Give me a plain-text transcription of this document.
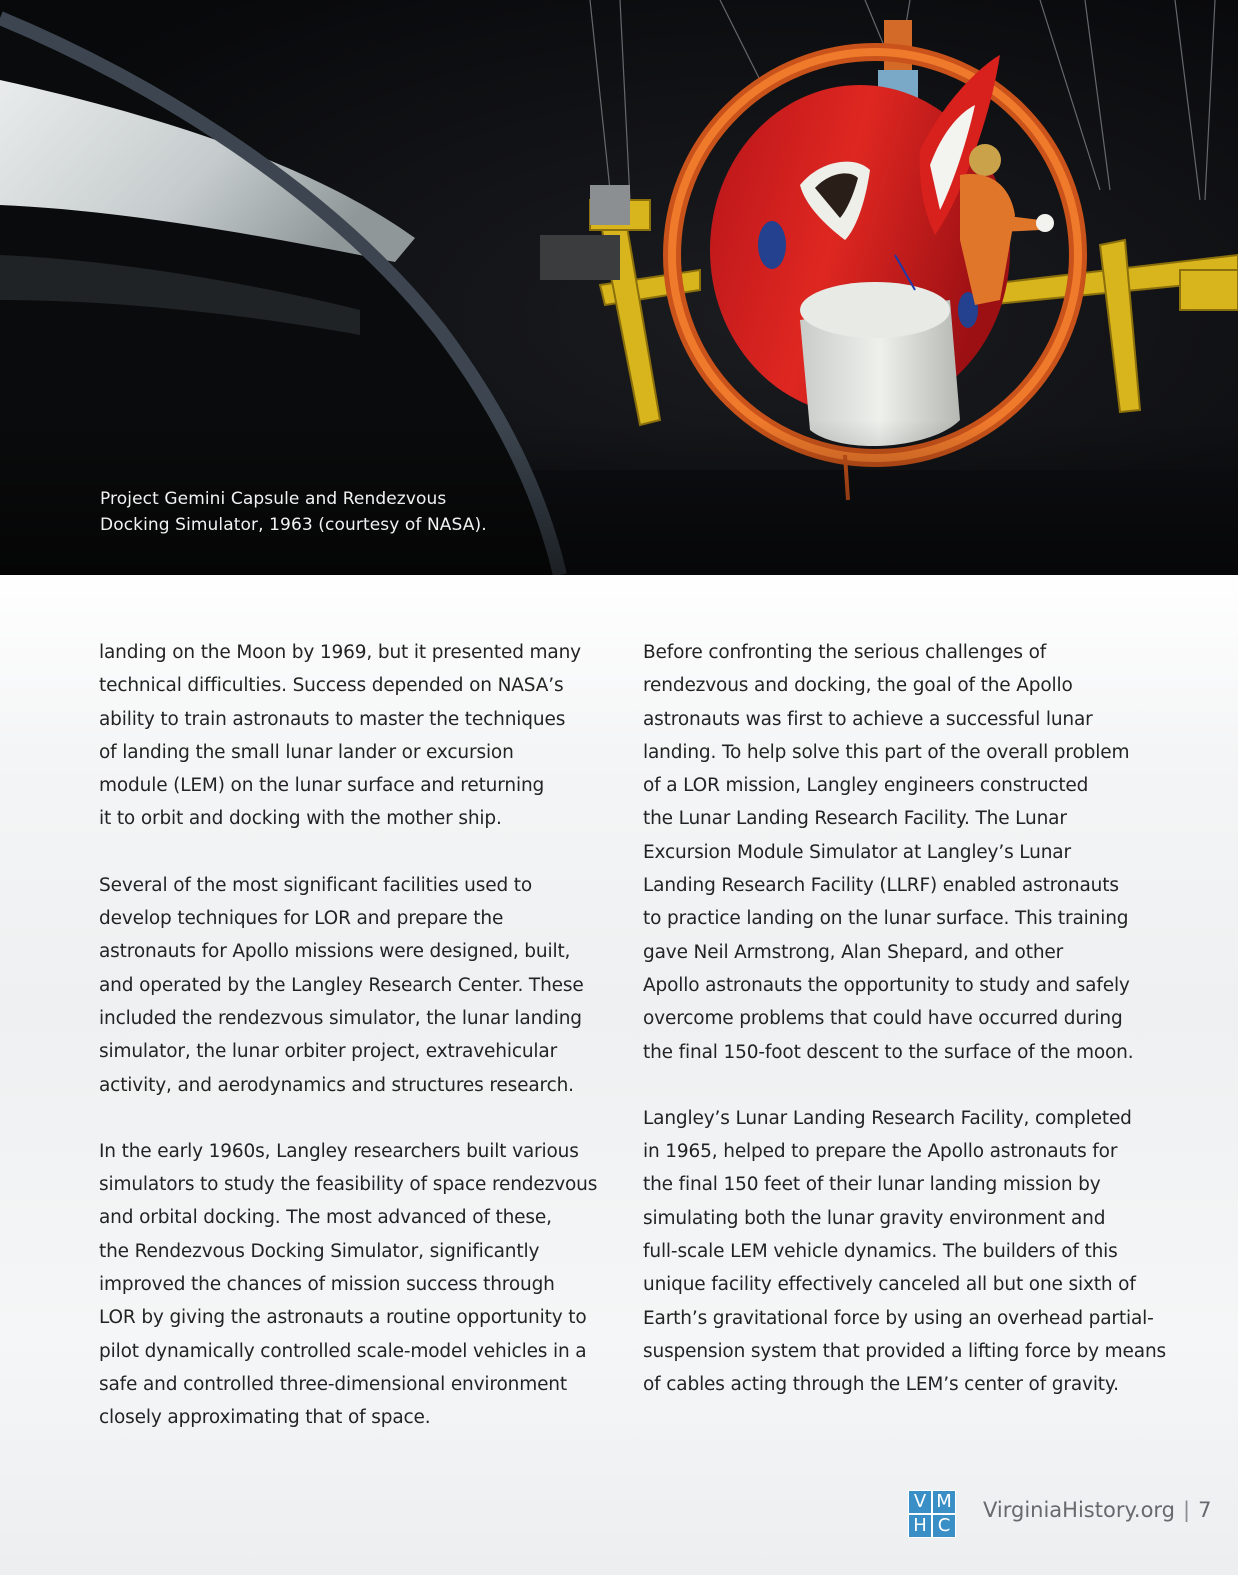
Project Gemini Capsule and Rendezvous
Docking Simulator, 1963 (courtesy of NASA).

landing on the Moon by 1969, but it presented many
technical difficulties. Success depended on NASA’s
ability to train astronauts to master the techniques
of landing the small lunar lander or excursion
module (LEM) on the lunar surface and returning
it to orbit and docking with the mother ship.

Several of the most significant facilities used to
develop techniques for LOR and prepare the
astronauts for Apollo missions were designed, built,
and operated by the Langley Research Center. These
included the rendezvous simulator, the lunar landing
simulator, the lunar orbiter project, extravehicular
activity, and aerodynamics and structures research.

In the early 1960s, Langley researchers built various
simulators to study the feasibility of space rendezvous
and orbital docking. The most advanced of these,
the Rendezvous Docking Simulator, significantly
improved the chances of mission success through
LOR by giving the astronauts a routine opportunity to
pilot dynamically controlled scale-model vehicles in a
safe and controlled three-dimensional environment
closely approximating that of space.

Before confronting the serious challenges of
rendezvous and docking, the goal of the Apollo
astronauts was first to achieve a successful lunar
landing. To help solve this part of the overall problem
of a LOR mission, Langley engineers constructed
the Lunar Landing Research Facility. The Lunar
Excursion Module Simulator at Langley’s Lunar
Landing Research Facility (LLRF) enabled astronauts
to practice landing on the lunar surface. This training
gave Neil Armstrong, Alan Shepard, and other
Apollo astronauts the opportunity to study and safely
overcome problems that could have occurred during
the final 150-foot descent to the surface of the moon.

Langley’s Lunar Landing Research Facility, completed
in 1965, helped to prepare the Apollo astronauts for
the final 150 feet of their lunar landing mission by
simulating both the lunar gravity environment and
full-scale LEM vehicle dynamics. The builders of this
unique facility effectively canceled all but one sixth of
Earth’s gravitational force by using an overhead partial-
suspension system that provided a lifting force by means
of cables acting through the LEM’s center of gravity.

V M
H C
VirginiaHistory.org | 7
